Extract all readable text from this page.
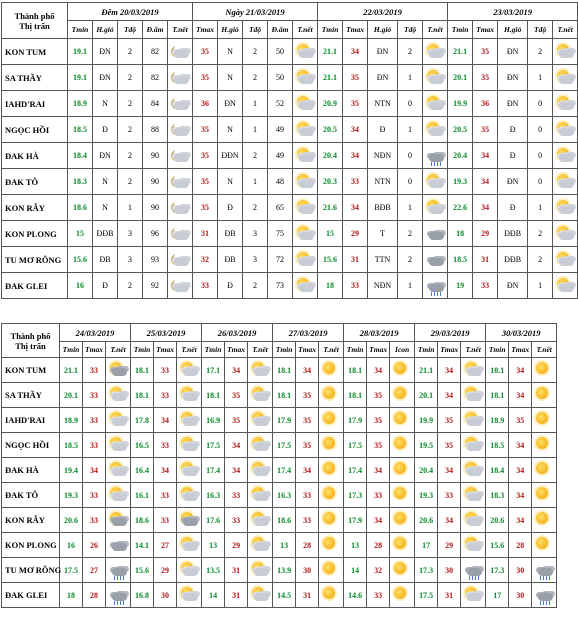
Thành phố
Thị trấn	Đêm 20/03/2019					Ngày 21/03/2019					22/03/2019					23/03/2019				
	Tmin	H.gió	Tđộ	Đ.ẩm	T.nết	Tmax	H.gió	Tđộ	Đ.ẩm	T.nết	Tmin	Tmax	H.gió	Tđộ	T.nết	Tmin	Tmax	H.gió	Tđộ	T.nết
KON TUM	19.1	ĐN	2	82		35	N	2	50		21.1	34	ĐN	2		21.1	35	ĐN	2	

SA THẦY	19.1	ĐN	2	82		35	N	2	50		21.1	35	ĐN	1		20.1	35	ĐN	1	

IAHD'RAI	18.9	N	2	84		36	ĐN	1	52		20.9	35	NTN	0		19.9	36	ĐN	0	

NGỌC HỒI	18.5	Đ	2	88		35	N	1	49		20.5	34	Đ	1		20.5	35	Đ	0	

ĐAK HÀ	18.4	ĐN	2	90		35	ĐĐN	2	49		20.4	34	NĐN	0		20.4	34	Đ	0	

ĐAK TÔ	18.3	N	2	90		35	N	1	48		20.3	33	NTN	0		19.3	34	ĐN	0	

KON RẪY	18.6	N	1	90		35	Đ	2	65		21.6	34	BĐB	1		22.6	34	Đ	1	

KON PLONG	15	ĐĐB	3	96		31	ĐB	3	75		15	29	T	2		18	29	ĐĐB	2	

TU MƠ RÔNG	15.6	ĐB	3	93		32	ĐB	3	72		15.6	31	TTN	2		18.5	31	ĐĐB	2	

ĐAK GLEI	16	Đ	2	92		33	Đ	2	73		18	33	NĐN	1		19	33	ĐN	1	
Thành phố
Thị trấn	24/03/2019			25/03/2019			26/03/2019			27/03/2019			28/03/2019			29/03/2019			30/03/2019		
	Tmin	Tmax	T.nết	Tmin	Tmax	T.nết	Tmin	Tmax	T.nết	Tmin	Tmax	T.nết	Tmin	Tmax	Icon	Tmin	Tmax	T.nết	Tmin	Tmax	T.nết
KON TUM	21.1	33		18.1	33		17.1	34		18.1	34		18.1	34		21.1	34		18.1	34	

SA THẦY	20.1	33		18.1	33		18.1	35		18.1	35		18.1	35		20.1	34		18.1	34	

IAHD'RAI	18.9	33		17.8	34		16.9	35		17.9	35		17.9	35		19.9	35		18.9	35	

NGỌC HỒI	18.5	33		16.5	33		17.5	34		17.5	35		17.5	35		19.5	35		18.5	34	

ĐAK HÀ	19.4	34		16.4	34		17.4	34		17.4	34		17.4	34		20.4	34		18.4	34	

ĐAK TÔ	19.3	33		16.1	33		16.3	33		16.3	33		17.3	33		19.3	33		18.3	34	

KON RẪY	20.6	33		18.6	33		17.6	33		18.6	33		17.9	34		20.6	34		20.6	34	

KON PLONG	16	26		14.1	27		13	29		13	28		13	28		17	29		15.6	28	

TU MƠ RÔNG	17.5	27		15.6	29		13.5	31		13.9	30		14	32		17.3	30		17.3	30	

ĐAK GLEI	18	28		16.8	30		14	31		14.5	31		14.6	33		17.5	31		17	30	
